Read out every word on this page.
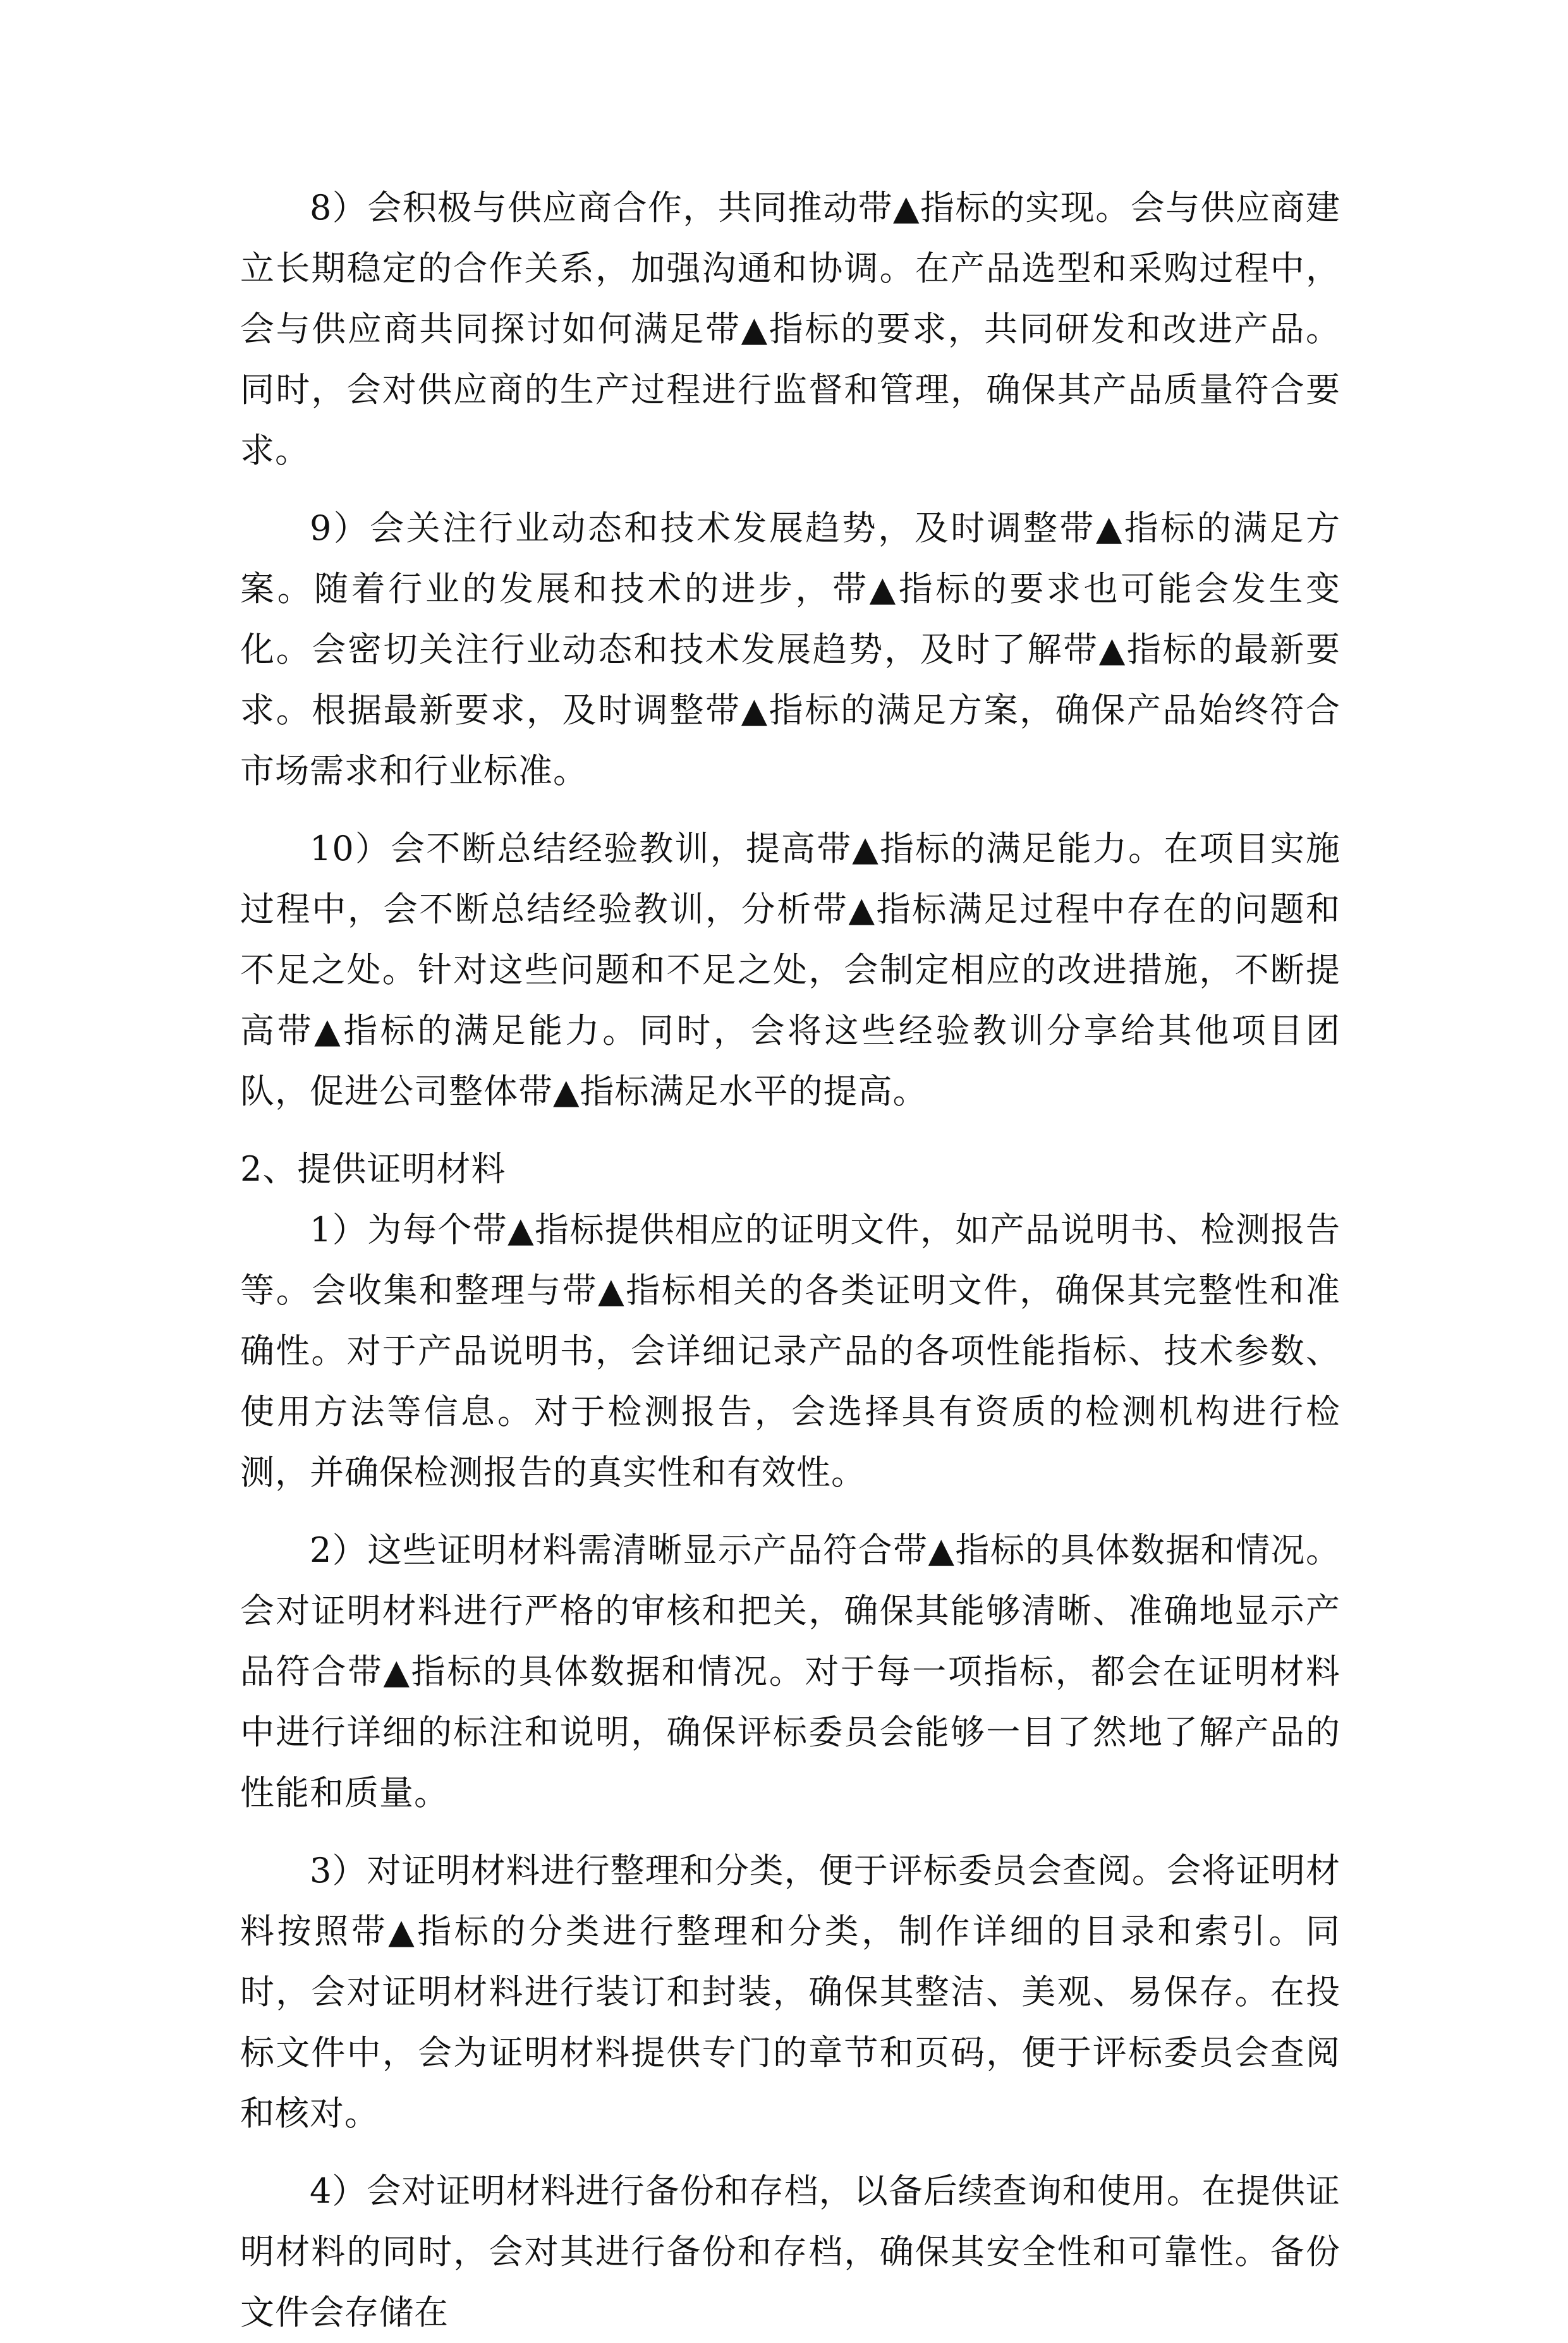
8）会积极与供应商合作，共同推动带▲指标的实现。会与供应商建立长期稳定的合作关系，加强沟通和协调。在产品选型和采购过程中，会与供应商共同探讨如何满足带▲指标的要求，共同研发和改进产品。同时，会对供应商的生产过程进行监督和管理，确保其产品质量符合要求。

9）会关注行业动态和技术发展趋势，及时调整带▲指标的满足方案。随着行业的发展和技术的进步，带▲指标的要求也可能会发生变化。会密切关注行业动态和技术发展趋势，及时了解带▲指标的最新要求。根据最新要求，及时调整带▲指标的满足方案，确保产品始终符合市场需求和行业标准。

10）会不断总结经验教训，提高带▲指标的满足能力。在项目实施过程中，会不断总结经验教训，分析带▲指标满足过程中存在的问题和不足之处。针对这些问题和不足之处，会制定相应的改进措施，不断提高带▲指标的满足能力。同时，会将这些经验教训分享给其他项目团队，促进公司整体带▲指标满足水平的提高。

2、提供证明材料

1）为每个带▲指标提供相应的证明文件，如产品说明书、检测报告等。会收集和整理与带▲指标相关的各类证明文件，确保其完整性和准确性。对于产品说明书，会详细记录产品的各项性能指标、技术参数、使用方法等信息。对于检测报告，会选择具有资质的检测机构进行检测，并确保检测报告的真实性和有效性。

2）这些证明材料需清晰显示产品符合带▲指标的具体数据和情况。会对证明材料进行严格的审核和把关，确保其能够清晰、准确地显示产品符合带▲指标的具体数据和情况。对于每一项指标，都会在证明材料中进行详细的标注和说明，确保评标委员会能够一目了然地了解产品的性能和质量。

3）对证明材料进行整理和分类，便于评标委员会查阅。会将证明材料按照带▲指标的分类进行整理和分类，制作详细的目录和索引。同时，会对证明材料进行装订和封装，确保其整洁、美观、易保存。在投标文件中，会为证明材料提供专门的章节和页码，便于评标委员会查阅和核对。

4）会对证明材料进行备份和存档，以备后续查询和使用。在提供证明材料的同时，会对其进行备份和存档，确保其安全性和可靠性。备份文件会存储在
